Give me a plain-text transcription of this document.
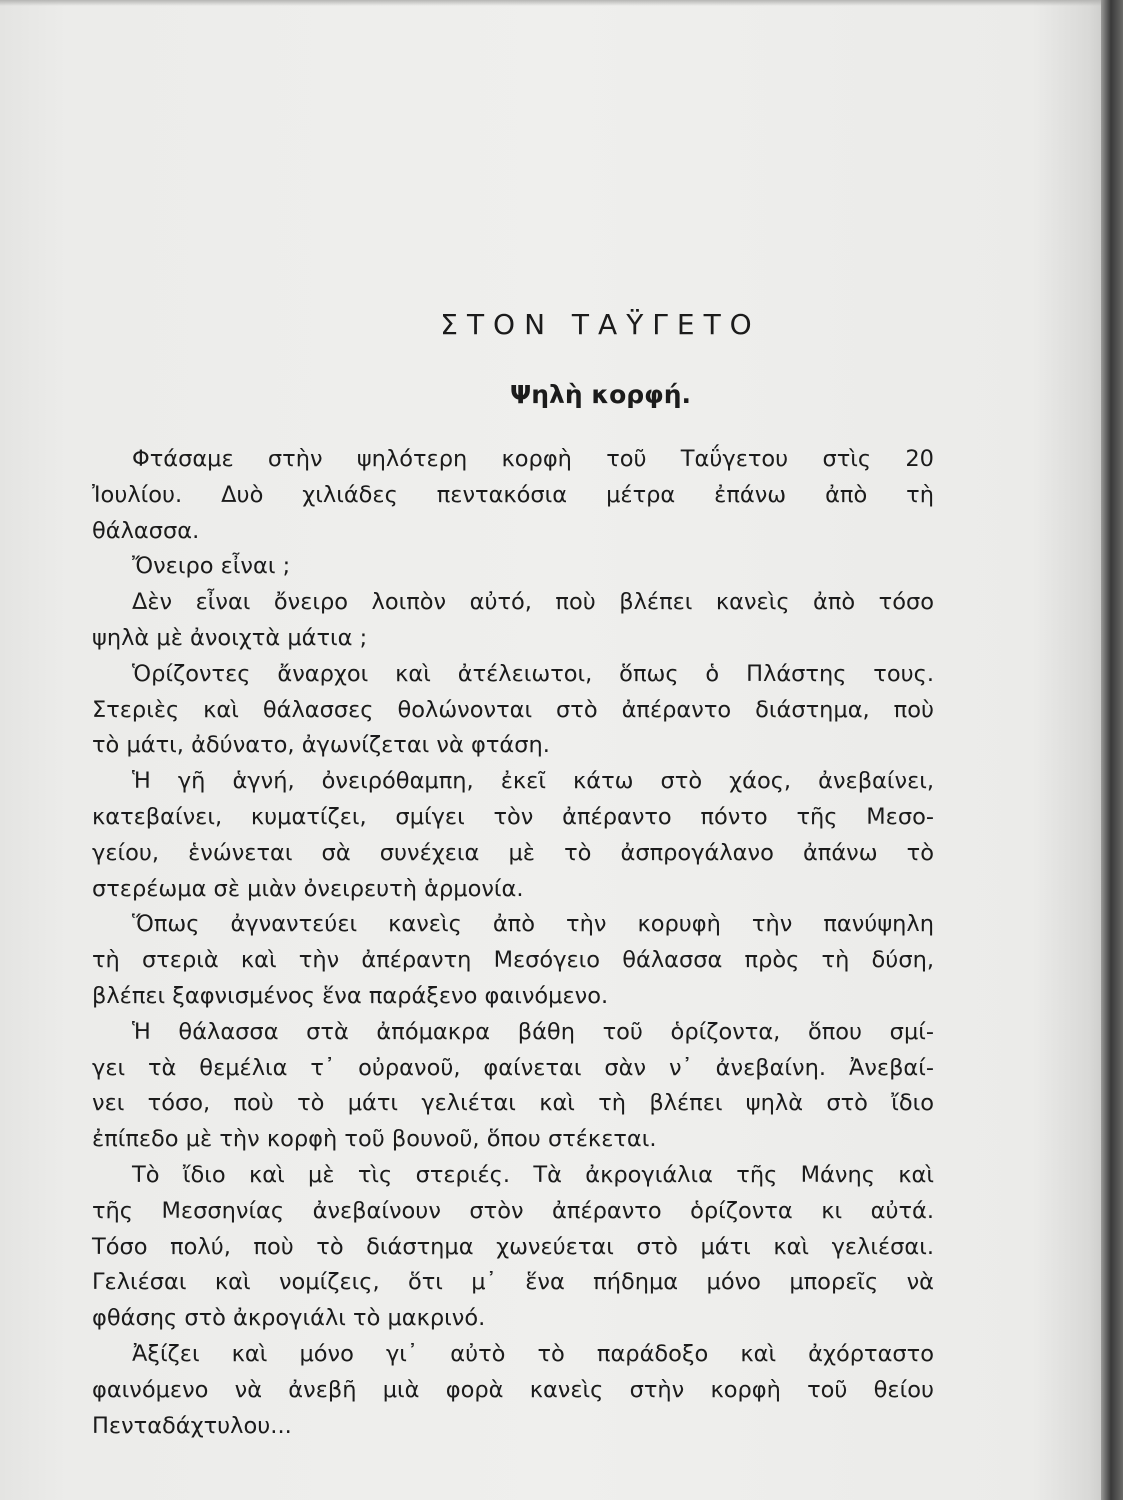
ΣΤΟΝ ΤΑΫΓΕΤΟ
Ψηλὴ κορφή.
Φτάσαμε στὴν ψηλότερη κορφὴ τοῦ Ταΰγετου στὶς 20
Ἰουλίου. Δυὸ χιλιάδες πεντακόσια μέτρα ἐπάνω ἀπὸ τὴ
θάλασσα.
Ὄνειρο εἶναι ;
Δὲν εἶναι ὄνειρο λοιπὸν αὐτό, ποὺ βλέπει κανεὶς ἀπὸ τόσο
ψηλὰ μὲ ἀνοιχτὰ μάτια ;
Ὁρίζοντες ἄναρχοι καὶ ἀτέλειωτοι, ὅπως ὁ Πλάστης τους.
Στεριὲς καὶ θάλασσες θολώνονται στὸ ἀπέραντο διάστημα, ποὺ
τὸ μάτι, ἀδύνατο, ἀγωνίζεται νὰ φτάση.
Ἡ γῆ ἁγνή, ὀνειρόθαμπη, ἐκεῖ κάτω στὸ χάος, ἀνεβαίνει,
κατεβαίνει, κυματίζει, σμίγει τὸν ἀπέραντο πόντο τῆς Μεσο-
γείου, ἑνώνεται σὰ συνέχεια μὲ τὸ ἀσπρογάλανο ἀπάνω τὸ
στερέωμα σὲ μιὰν ὀνειρευτὴ ἁρμονία.
Ὅπως ἀγναντεύει κανεὶς ἀπὸ τὴν κορυφὴ τὴν πανύψηλη
τὴ στεριὰ καὶ τὴν ἀπέραντη Μεσόγειο θάλασσα πρὸς τὴ δύση,
βλέπει ξαφνισμένος ἕνα παράξενο φαινόμενο.
Ἡ θάλασσα στὰ ἀπόμακρα βάθη τοῦ ὁρίζοντα, ὅπου σμί-
γει τὰ θεμέλια τ᾽ οὐρανοῦ, φαίνεται σὰν ν᾽ ἀνεβαίνη. Ἀνεβαί-
νει τόσο, ποὺ τὸ μάτι γελιέται καὶ τὴ βλέπει ψηλὰ στὸ ἴδιο
ἐπίπεδο μὲ τὴν κορφὴ τοῦ βουνοῦ, ὅπου στέκεται.
Τὸ ἴδιο καὶ μὲ τὶς στεριές. Τὰ ἀκρογιάλια τῆς Μάνης καὶ
τῆς Μεσσηνίας ἀνεβαίνουν στὸν ἀπέραντο ὁρίζοντα κι αὐτά.
Τόσο πολύ, ποὺ τὸ διάστημα χωνεύεται στὸ μάτι καὶ γελιέσαι.
Γελιέσαι καὶ νομίζεις, ὅτι μ᾽ ἕνα πήδημα μόνο μπορεῖς νὰ
φθάσης στὸ ἀκρογιάλι τὸ μακρινό.
Ἀξίζει καὶ μόνο γι᾽ αὐτὸ τὸ παράδοξο καὶ ἀχόρταστο
φαινόμενο νὰ ἀνεβῆ μιὰ φορὰ κανεὶς στὴν κορφὴ τοῦ θείου
Πενταδάχτυλου...
